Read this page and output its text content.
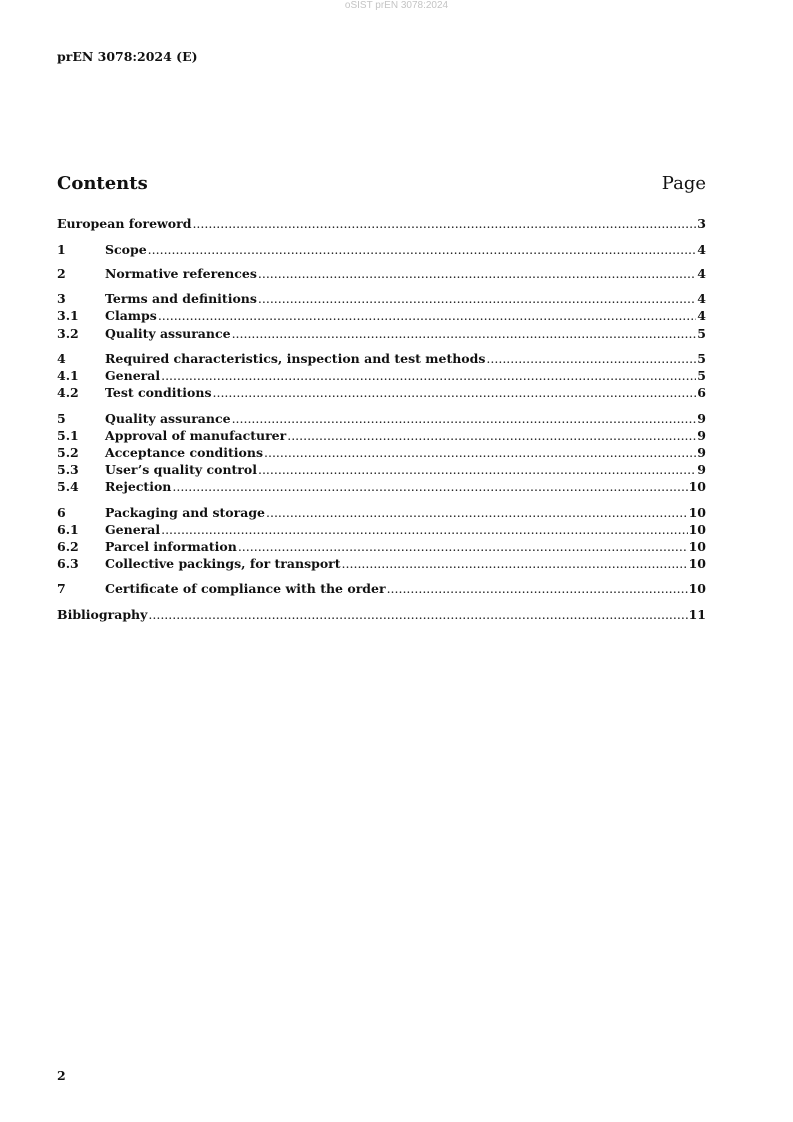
oSIST prEN 3078:2024
prEN 3078:2024 (E)
Contents	Page
European foreword .....	3
1	Scope .....	4
2	Normative references .....	4
3	Terms and definitions .....	4
3.1	Clamps .....	4
3.2	Quality assurance .....	5
4	Required characteristics, inspection and test methods .....	5
4.1	General .....	5
4.2	Test conditions .....	6
5	Quality assurance .....	9
5.1	Approval of manufacturer .....	9
5.2	Acceptance conditions .....	9
5.3	User’s quality control .....	9
5.4	Rejection .....	10
6	Packaging and storage .....	10
6.1	General .....	10
6.2	Parcel information .....	10
6.3	Collective packings, for transport .....	10
7	Certificate of compliance with the order .....	10
Bibliography .....	11
2
